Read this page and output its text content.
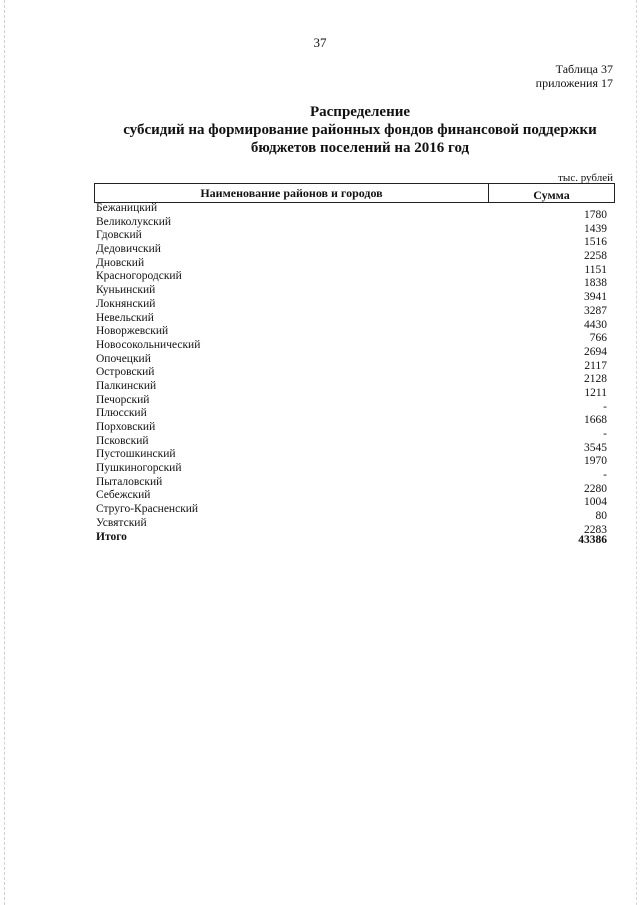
37
Таблица 37
приложения 17
Распределение
субсидий на формирование районных фондов финансовой поддержки
бюджетов поселений на 2016 год
тыс. рублей
Наименование районов и городов	Сумма
Бежаницкий
1780
Великолукский
1439
Гдовский
1516
Дедовичский
2258
Дновский
1151
Красногородский
1838
Куньинский
3941
Локнянский
3287
Невельский
4430
Новоржевский
766
Новосокольнический
2694
Опочецкий
2117
Островский
2128
Палкинский
1211
Печорский
-
Плюсский
1668
Порховский
-
Псковский
3545
Пустошкинский
1970
Пушкиногорский
-
Пыталовский
2280
Себежский
1004
Струго-Красненский
80
Усвятский
2283
Итого	43386
